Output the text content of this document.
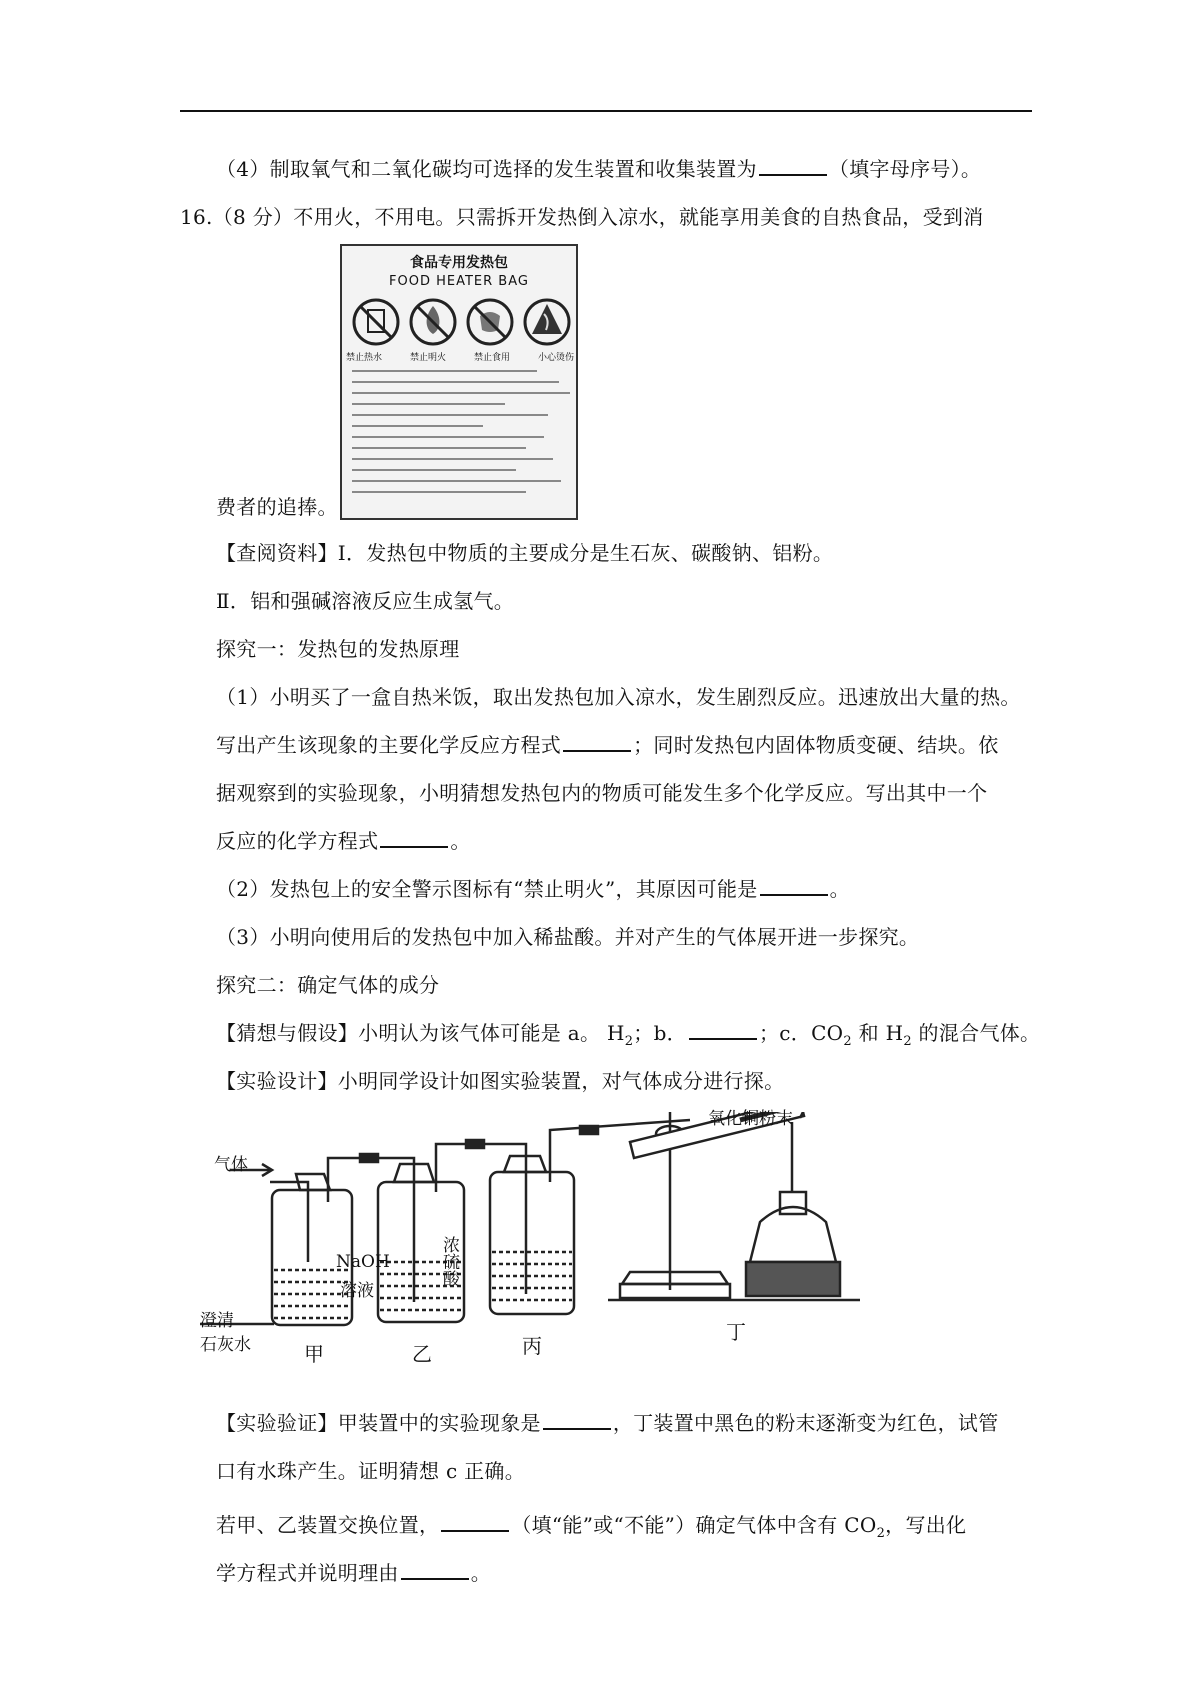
（4）制取氧气和二氧化碳均可选择的发生装置和收集装置为	（填字母序号）。
16.（8 分）不用火，不用电。只需拆开发热倒入凉水，就能享用美食的自热食品，受到消
食品专用发热包
FOOD HEATER BAG
禁止热水	禁止明火	禁止食用	小心烫伤
费者的追捧。
【查阅资料】Ⅰ．发热包中物质的主要成分是生石灰、碳酸钠、铝粉。
Ⅱ．铝和强碱溶液反应生成氢气。
探究一：发热包的发热原理
（1）小明买了一盒自热米饭，取出发热包加入凉水，发生剧烈反应。迅速放出大量的热。
写出产生该现象的主要化学反应方程式	；同时发热包内固体物质变硬、结块。依
据观察到的实验现象，小明猜想发热包内的物质可能发生多个化学反应。写出其中一个
反应的化学方程式	。
（2）发热包上的安全警示图标有“禁止明火”，其原因可能是	。
（3）小明向使用后的发热包中加入稀盐酸。并对产生的气体展开进一步探究。
探究二：确定气体的成分
【猜想与假设】小明认为该气体可能是 a。 $H_2$；b．	；c．$CO_2$ 和 $H_2$ 的混合气体。
【实验设计】小明同学设计如图实验装置，对气体成分进行探。
气体
氧化铜粉末
澄清
石灰水
NaOH
溶液
浓硫酸
甲	乙	丙
丁
【实验验证】甲装置中的实验现象是	，丁装置中黑色的粉末逐渐变为红色，试管
口有水珠产生。证明猜想 c 正确。
若甲、乙装置交换位置，	（填“能”或“不能”）确定气体中含有 $CO_2$，写出化
学方程式并说明理由	。
